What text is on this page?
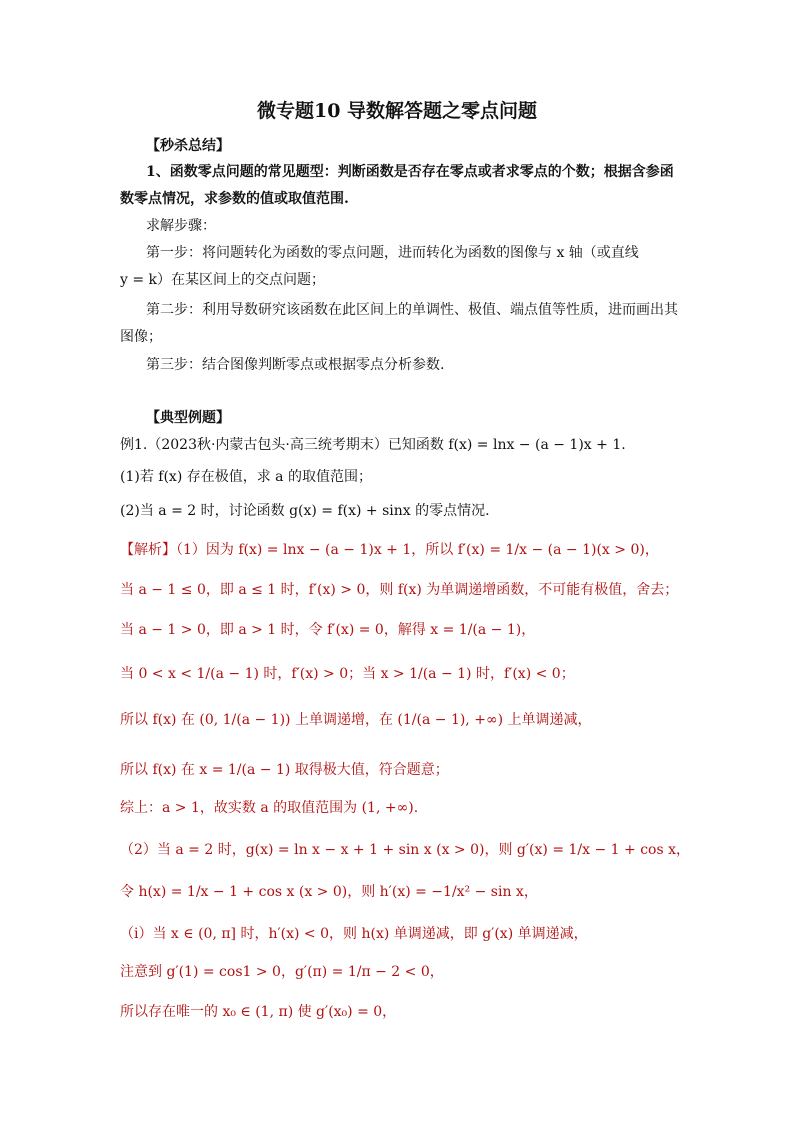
微专题10 导数解答题之零点问题
【秒杀总结】
1、函数零点问题的常见题型：判断函数是否存在零点或者求零点的个数；根据含参函
数零点情况，求参数的值或取值范围.
求解步骤：
第一步：将问题转化为函数的零点问题，进而转化为函数的图像与 x 轴（或直线
y = k）在某区间上的交点问题；
第二步：利用导数研究该函数在此区间上的单调性、极值、端点值等性质，进而画出其
图像；
第三步：结合图像判断零点或根据零点分析参数.
【典型例题】
例1.（2023秋·内蒙古包头·高三统考期末）已知函数 f(x) = lnx − (a − 1)x + 1.
(1)若 f(x) 存在极值，求 a 的取值范围；
(2)当 a = 2 时，讨论函数 g(x) = f(x) + sinx 的零点情况.
【解析】（1）因为 f(x) = lnx − (a − 1)x + 1，所以 f′(x) = 1/x − (a − 1)(x > 0)，
当 a − 1 ≤ 0，即 a ≤ 1 时，f′(x) > 0，则 f(x) 为单调递增函数，不可能有极值，舍去；
当 a − 1 > 0，即 a > 1 时，令 f′(x) = 0，解得 x = 1/(a − 1)，
当 0 < x < 1/(a − 1) 时，f′(x) > 0；当 x > 1/(a − 1) 时，f′(x) < 0；
所以 f(x) 在 (0, 1/(a − 1)) 上单调递增，在 (1/(a − 1), +∞) 上单调递减，
所以 f(x) 在 x = 1/(a − 1) 取得极大值，符合题意；
综上：a > 1，故实数 a 的取值范围为 (1, +∞).
（2）当 a = 2 时，g(x) = ln x − x + 1 + sin x (x > 0)，则 g′(x) = 1/x − 1 + cos x，
令 h(x) = 1/x − 1 + cos x (x > 0)，则 h′(x) = −1/x² − sin x，
（i）当 x ∈ (0, π] 时，h′(x) < 0，则 h(x) 单调递减，即 g′(x) 单调递减，
注意到 g′(1) = cos1 > 0，g′(π) = 1/π − 2 < 0，
所以存在唯一的 x₀ ∈ (1, π) 使 g′(x₀) = 0，
